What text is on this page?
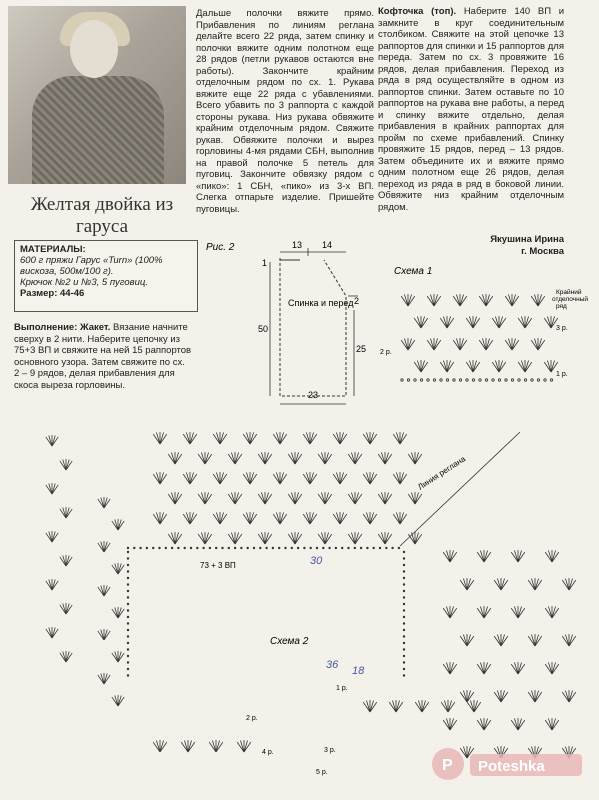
Желтая двойка из гаруса
МАТЕРИАЛЫ:
600 г пряжи Гарус «Turn» (100% вискоза, 500м/100 г).
Крючок №2 и №3, 5 пуговиц.
Размер: 44-46
Выполнение: Жакет. Вязание начните сверху в 2 нити. Наберите цепочку из 75+3 ВП и свяжите на ней 15 раппортов основного узора. Затем свяжите по сх. 2 – 9 рядов, делая прибавления для скоса выреза горловины.
Дальше полочки вяжите прямо. Прибавления по линиям реглана делайте всего 22 ряда, затем спинку и полочки вяжите одним полотном еще 28 рядов (петли рукавов остаются вне работы). Закончите крайним отделочным рядом по сх. 1. Рукава вяжите еще 22 ряда с убавлениями. Всего убавить по 3 раппорта с каждой стороны рукава. Низ рукава обвяжите крайним отделочным рядом. Свяжите рукав. Обвяжите полочки и вырез горловины 4-мя рядами СБН, выполнив на правой полочке 5 петель для пуговиц. Закончите обвязку рядом с «пико»: 1 СБН, «пико» из 3-х ВП. Слегка отпарьте изделие. Пришейте пуговицы.
Кофточка (топ). Наберите 140 ВП и замкните в круг соединительным столбиком. Свяжите на этой цепочке 13 раппортов для спинки и 15 раппортов для переда. Затем по сх. 3 провяжите 16 рядов, делая прибавления. Переход из ряда в ряд осуществляйте в одном из раппортов спинки. Затем оставьте по 10 раппортов на рукава вне работы, а перед и спинку вяжите отдельно, делая прибавления в крайних раппортах для пройм по схеме прибавлений. Спинку провяжите 15 рядов, перед – 13 рядов. Затем объедините их и вяжите прямо одним полотном еще 26 рядов, делая переход из ряда в ряд в боковой линии. Обвяжите низ крайним отделочным рядом.
Якушина Ирина
г. Москва
Рис. 2	13 14
1
Спинка и перед
50
2
25
23
Схема 1
Крайний отделочный ряд
3 р.
2 р.
1 р.
Линия реглана
73 + 3 ВП
Схема 2
30
36 18
2 р.
4 р.
1 р.
3 р.
5 р.	P Poteshka
